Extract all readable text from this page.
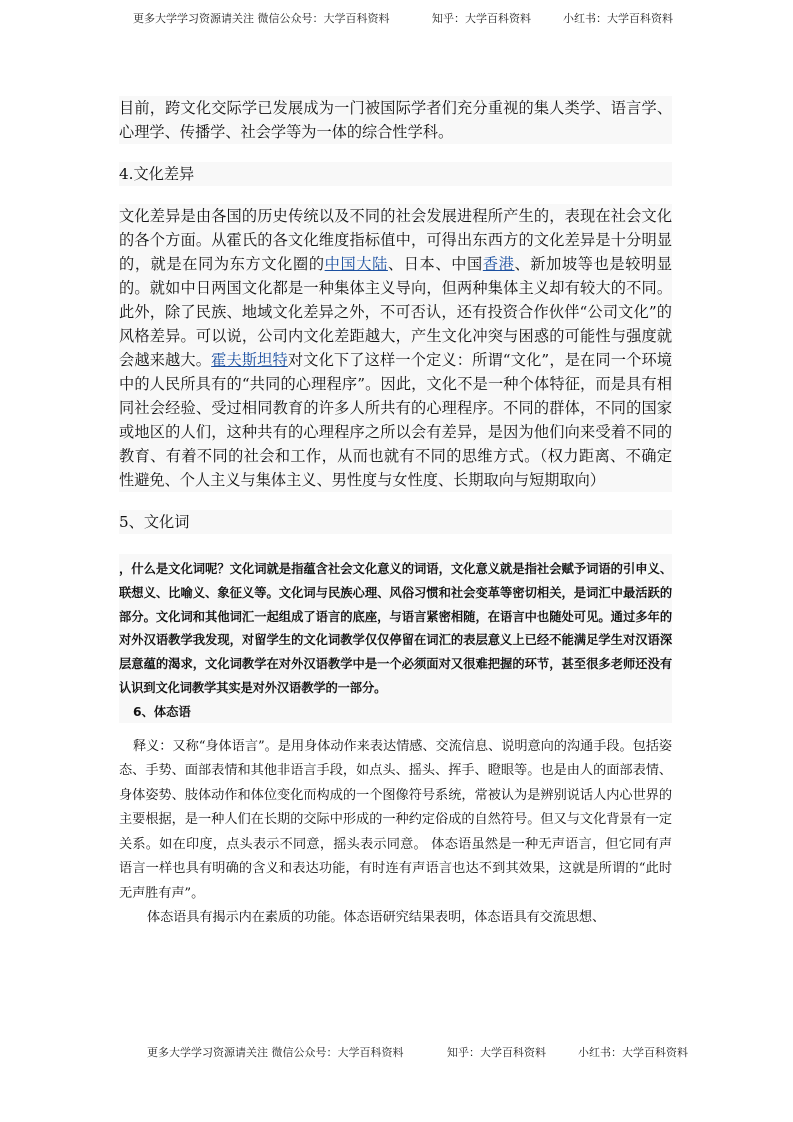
更多大学学习资源请关注 微信公众号：大学百科资料	知乎：大学百科资料	小红书：大学百科资料

目前，跨文化交际学已发展成为一门被国际学者们充分重视的集人类学、语言学、心理学、传播学、社会学等为一体的综合性学科。

4.文化差异

文化差异是由各国的历史传统以及不同的社会发展进程所产生的，表现在社会文化的各个方面。从霍氏的各文化维度指标值中，可得出东西方的文化差异是十分明显的，就是在同为东方文化圈的中国大陆、日本、中国香港、新加坡等也是较明显的。就如中日两国文化都是一种集体主义导向，但两种集体主义却有较大的不同。此外，除了民族、地域文化差异之外，不可否认，还有投资合作伙伴“公司文化”的风格差异。可以说，公司内文化差距越大，产生文化冲突与困惑的可能性与强度就会越来越大。霍夫斯坦特对文化下了这样一个定义：所谓“文化”，是在同一个环境中的人民所具有的“共同的心理程序”。因此，文化不是一种个体特征，而是具有相同社会经验、受过相同教育的许多人所共有的心理程序。不同的群体，不同的国家或地区的人们，这种共有的心理程序之所以会有差异，是因为他们向来受着不同的教育、有着不同的社会和工作，从而也就有不同的思维方式。（权力距离、不确定性避免、个人主义与集体主义、男性度与女性度、长期取向与短期取向）

5、文化词

，什么是文化词呢？文化词就是指蕴含社会文化意义的词语，文化意义就是指社会赋予词语的引申义、联想义、比喻义、象征义等。文化词与民族心理、风俗习惯和社会变革等密切相关，是词汇中最活跃的部分。文化词和其他词汇一起组成了语言的底座，与语言紧密相随，在语言中也随处可见。通过多年的对外汉语教学我发现，对留学生的文化词教学仅仅停留在词汇的表层意义上已经不能满足学生对汉语深层意蕴的渴求，文化词教学在对外汉语教学中是一个必须面对又很难把握的环节，甚至很多老师还没有认识到文化词教学其实是对外汉语教学的一部分。

6、体态语

释义：又称“身体语言”。是用身体动作来表达情感、交流信息、说明意向的沟通手段。包括姿态、手势、面部表情和其他非语言手段，如点头、摇头、挥手、瞪眼等。也是由人的面部表情、身体姿势、肢体动作和体位变化而构成的一个图像符号系统，常被认为是辨别说话人内心世界的主要根据，是一种人们在长期的交际中形成的一种约定俗成的自然符号。但又与文化背景有一定关系。如在印度，点头表示不同意，摇头表示同意。 体态语虽然是一种无声语言，但它同有声语言一样也具有明确的含义和表达功能，有时连有声语言也达不到其效果，这就是所谓的“此时无声胜有声”。

体态语具有揭示内在素质的功能。体态语研究结果表明，体态语具有交流思想、

更多大学学习资源请关注 微信公众号：大学百科资料	知乎：大学百科资料	小红书：大学百科资料
